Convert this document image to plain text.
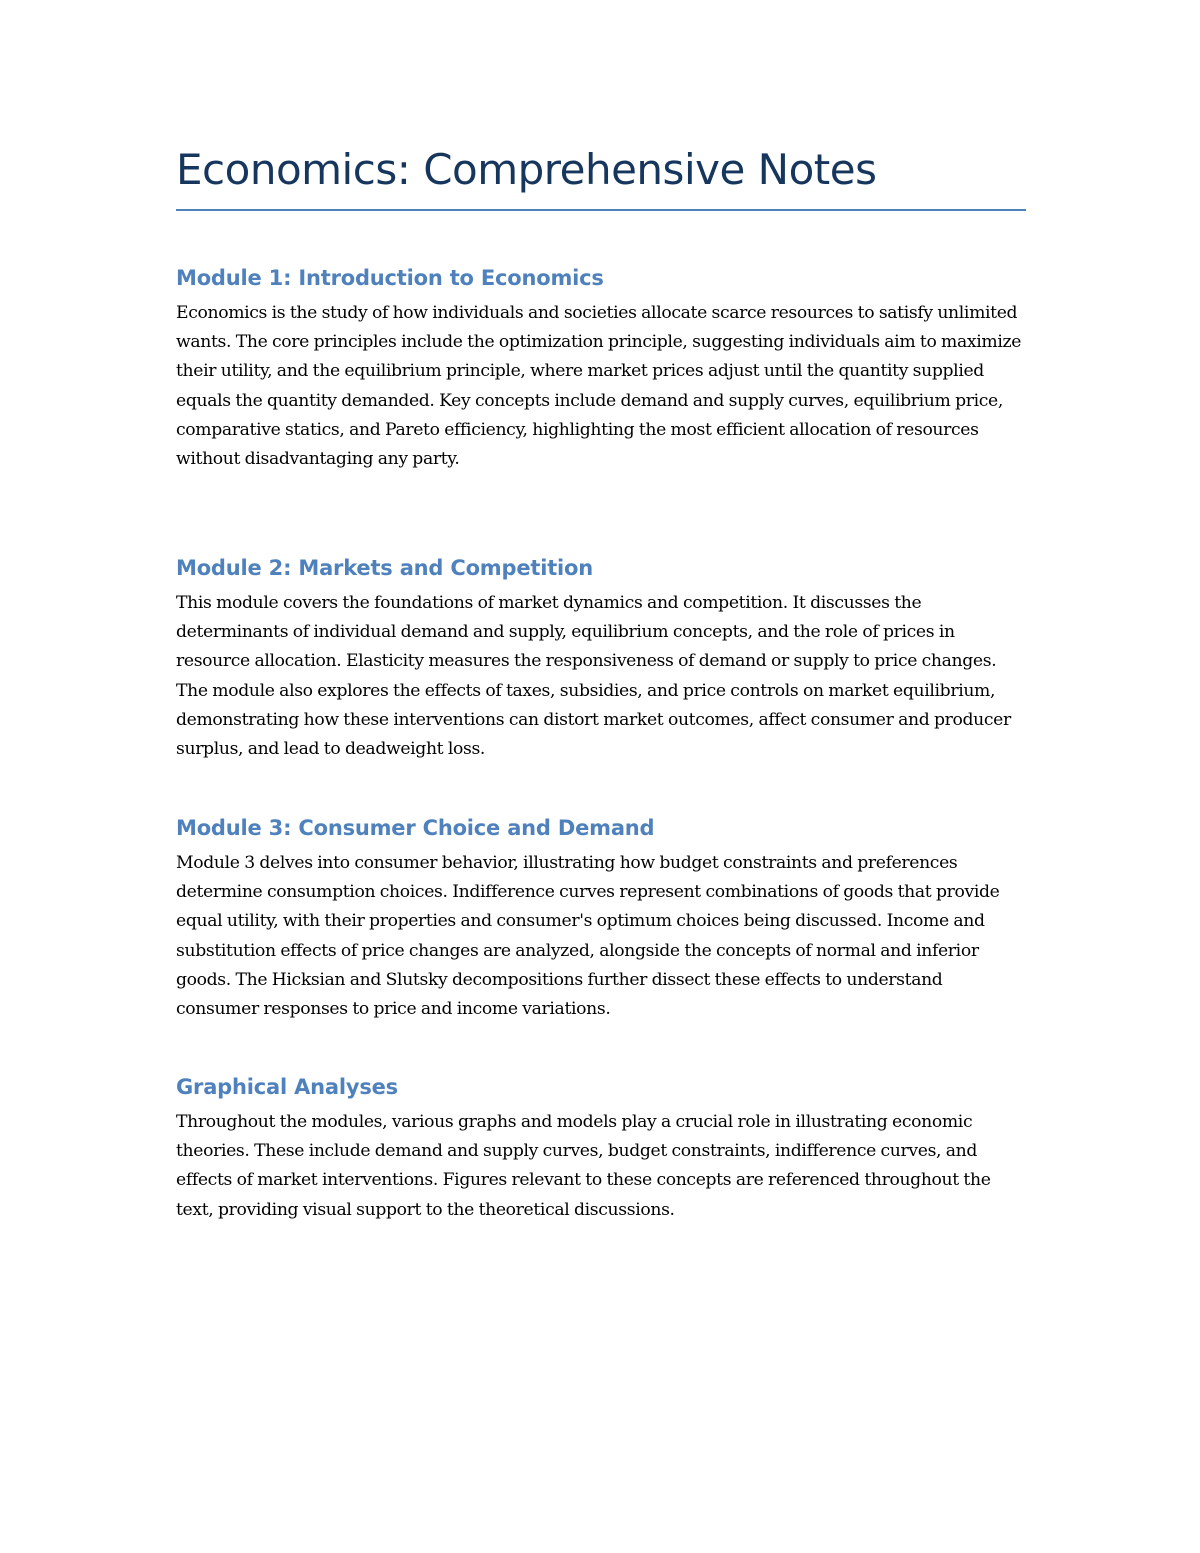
Economics: Comprehensive Notes
Module 1: Introduction to Economics

Economics is the study of how individuals and societies allocate scarce resources to satisfy unlimited wants. The core principles include the optimization principle, suggesting individuals aim to maximize their utility, and the equilibrium principle, where market prices adjust until the quantity supplied equals the quantity demanded. Key concepts include demand and supply curves, equilibrium price, comparative statics, and Pareto efficiency, highlighting the most efficient allocation of resources without disadvantaging any party.

Module 2: Markets and Competition

This module covers the foundations of market dynamics and competition. It discusses the determinants of individual demand and supply, equilibrium concepts, and the role of prices in resource allocation. Elasticity measures the responsiveness of demand or supply to price changes. The module also explores the effects of taxes, subsidies, and price controls on market equilibrium, demonstrating how these interventions can distort market outcomes, affect consumer and producer surplus, and lead to deadweight loss.

Module 3: Consumer Choice and Demand

Module 3 delves into consumer behavior, illustrating how budget constraints and preferences determine consumption choices. Indifference curves represent combinations of goods that provide equal utility, with their properties and consumer's optimum choices being discussed. Income and substitution effects of price changes are analyzed, alongside the concepts of normal and inferior goods. The Hicksian and Slutsky decompositions further dissect these effects to understand consumer responses to price and income variations.

Graphical Analyses

Throughout the modules, various graphs and models play a crucial role in illustrating economic theories. These include demand and supply curves, budget constraints, indifference curves, and effects of market interventions. Figures relevant to these concepts are referenced throughout the text, providing visual support to the theoretical discussions.
